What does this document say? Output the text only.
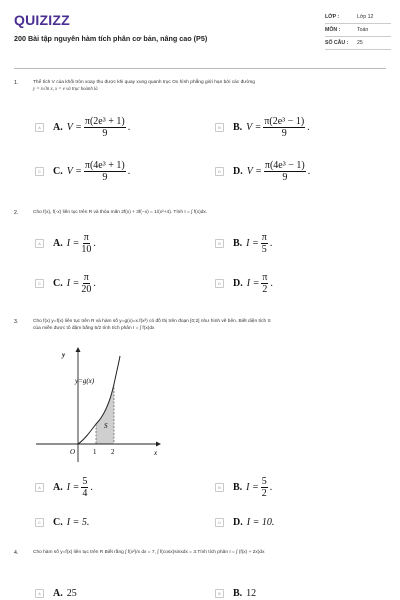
QUIZIZZ
200 Bài tập nguyên hàm tích phân cơ bản, nâng cao (P5)
LỚP :	Lớp 12
MÔN :	Toán
SỐ CÂU :	25
1.	Thể tích V của khối tròn xoay thu được khi quay xung quanh trục Ox hình phẳng giới hạn bởi các đường
y = x√ln x, x = e và trục hoành là
A	A. $V = \frac{\text{π(2e³ + 1)}}{9}$ .	B	B. $V = \frac{\text{π(2e³ − 1)}}{9}$ .
C	C. $V = \frac{\text{π(4e³ + 1)}}{9}$ .	D	D. $V = \frac{\text{π(4e³ − 1)}}{9}$ .
2.	Cho f(x), f(-x) liên tục trên R và thỏa mãn 2f(x) + 3f(−x) = 1/(x²+4). Tính I = ∫ f(x)dx.
A	A. $I = \frac{\pi}{10}$ .	B	B. $I = \frac{\pi}{5}$ .
C	C. $I = \frac{\pi}{20}$ .	D	D. $I = \frac{\pi}{2}$ .
3.	Cho f(x) y=f(x) liên tục trên R và hàm số y=g(x)=x.f(x²) có đồ thị trên đoạn [0;2] như hình vẽ bên. Biết diện tích S
của miền được tô đậm bằng 5/2 tính tích phân I = ∫ f(x)dx
y
x
O	1 2
y=g(x)
S
A	A. $I = \frac{5}{4}$ .	B	B. $I = \frac{5}{2}$ .
C	C. I = 5.	D	D. I = 10.
4.	Cho hàm số y=f(x) liên tục trên R Biết rằng ∫ f(x²)/x dx = 7, ∫ f(cosx)sinxdx = 3.Tính tích phân I = ∫ (f(x) + 2x)dx
A	A. 25	B	B. 12
